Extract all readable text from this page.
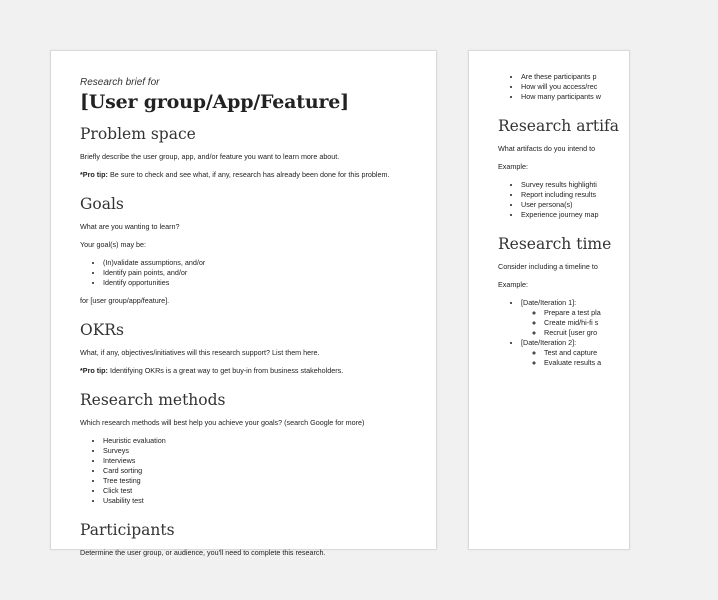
Research brief for

[User group/App/Feature]
Problem space

Briefly describe the user group, app, and/or feature you want to learn more about.

*Pro tip: Be sure to check and see what, if any, research has already been done for this problem.

Goals

What are you wanting to learn?

Your goal(s) may be:

• (In)validate assumptions, and/or
• Identify pain points, and/or
• Identify opportunities

for [user group/app/feature].

OKRs

What, if any, objectives/initiatives will this research support? List them here.

*Pro tip: Identifying OKRs is a great way to get buy-in from business stakeholders.

Research methods

Which research methods will best help you achieve your goals? (search Google for more)

• Heuristic evaluation
• Surveys
• Interviews
• Card sorting
• Tree testing
• Click test
• Usability test
Participants

Determine the user group, or audience, you'll need to complete this research.

• Are these participants p
• How will you access/rec
• How many participants w
Research artifa

What artifacts do you intend to

Example:

• Survey results highlighti
• Report including results
• User persona(s)
• Experience journey map
Research time

Consider including a timeline to

Example:

• [Date/Iteration 1]:
◦ Prepare a test pla
◦ Create mid/hi-fi s
◦ Recruit [user gro
• [Date/Iteration 2]:
◦ Test and capture
◦ Evaluate results a
